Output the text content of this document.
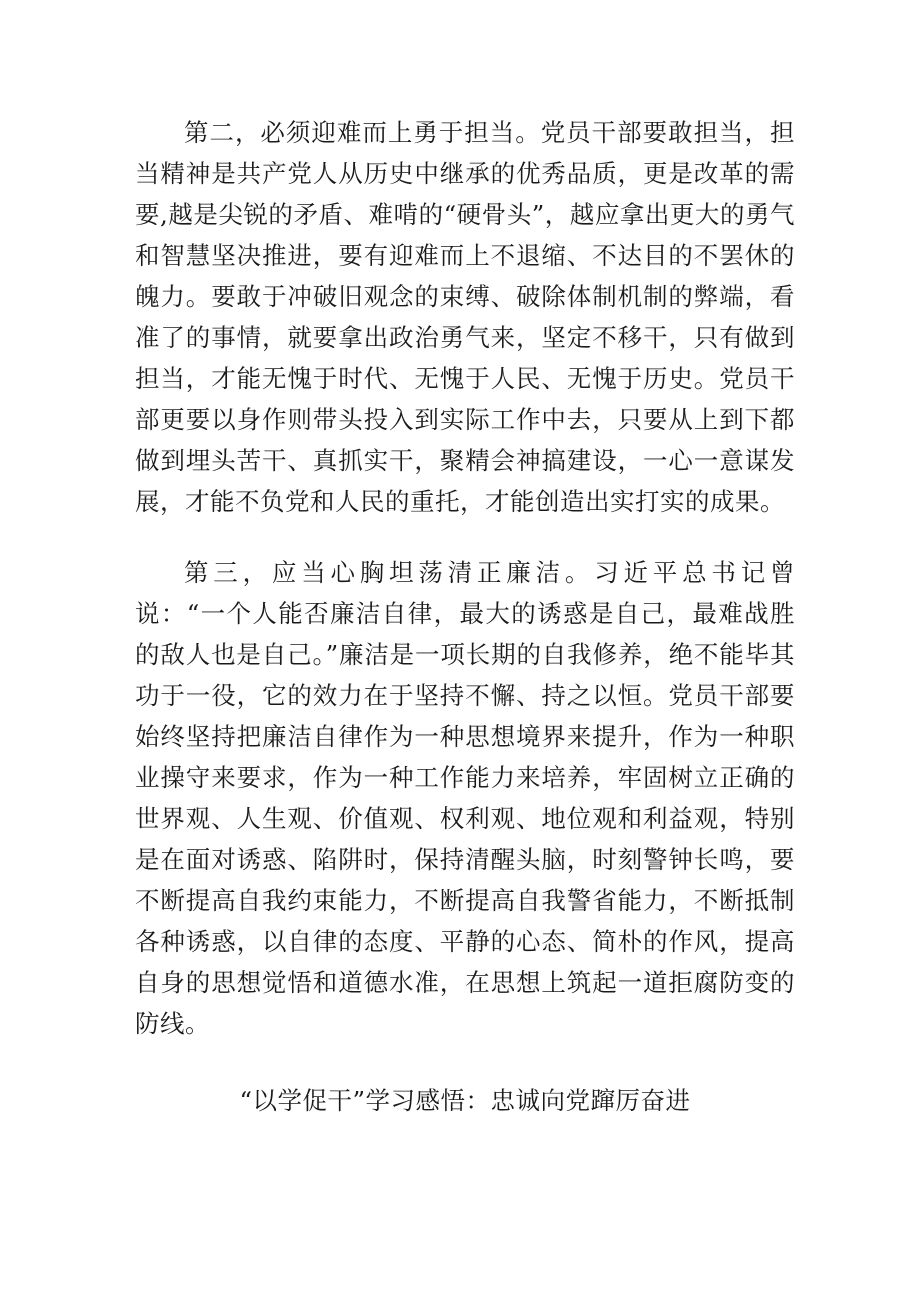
第二，必须迎难而上勇于担当。党员干部要敢担当，担当精神是共产党人从历史中继承的优秀品质，更是改革的需要,越是尖锐的矛盾、难啃的“硬骨头”，越应拿出更大的勇气和智慧坚决推进，要有迎难而上不退缩、不达目的不罢休的魄力。要敢于冲破旧观念的束缚、破除体制机制的弊端，看准了的事情，就要拿出政治勇气来，坚定不移干，只有做到担当，才能无愧于时代、无愧于人民、无愧于历史。党员干部更要以身作则带头投入到实际工作中去，只要从上到下都做到埋头苦干、真抓实干，聚精会神搞建设，一心一意谋发展，才能不负党和人民的重托，才能创造出实打实的成果。

第三，应当心胸坦荡清正廉洁。习近平总书记曾说：“一个人能否廉洁自律，最大的诱惑是自己，最难战胜的敌人也是自己。”廉洁是一项长期的自我修养，绝不能毕其功于一役，它的效力在于坚持不懈、持之以恒。党员干部要始终坚持把廉洁自律作为一种思想境界来提升，作为一种职业操守来要求，作为一种工作能力来培养，牢固树立正确的世界观、人生观、价值观、权利观、地位观和利益观，特别是在面对诱惑、陷阱时，保持清醒头脑，时刻警钟长鸣，要不断提高自我约束能力，不断提高自我警省能力，不断抵制各种诱惑，以自律的态度、平静的心态、简朴的作风，提高自身的思想觉悟和道德水准，在思想上筑起一道拒腐防变的防线。

“以学促干”学习感悟：忠诚向党蹿厉奋进
